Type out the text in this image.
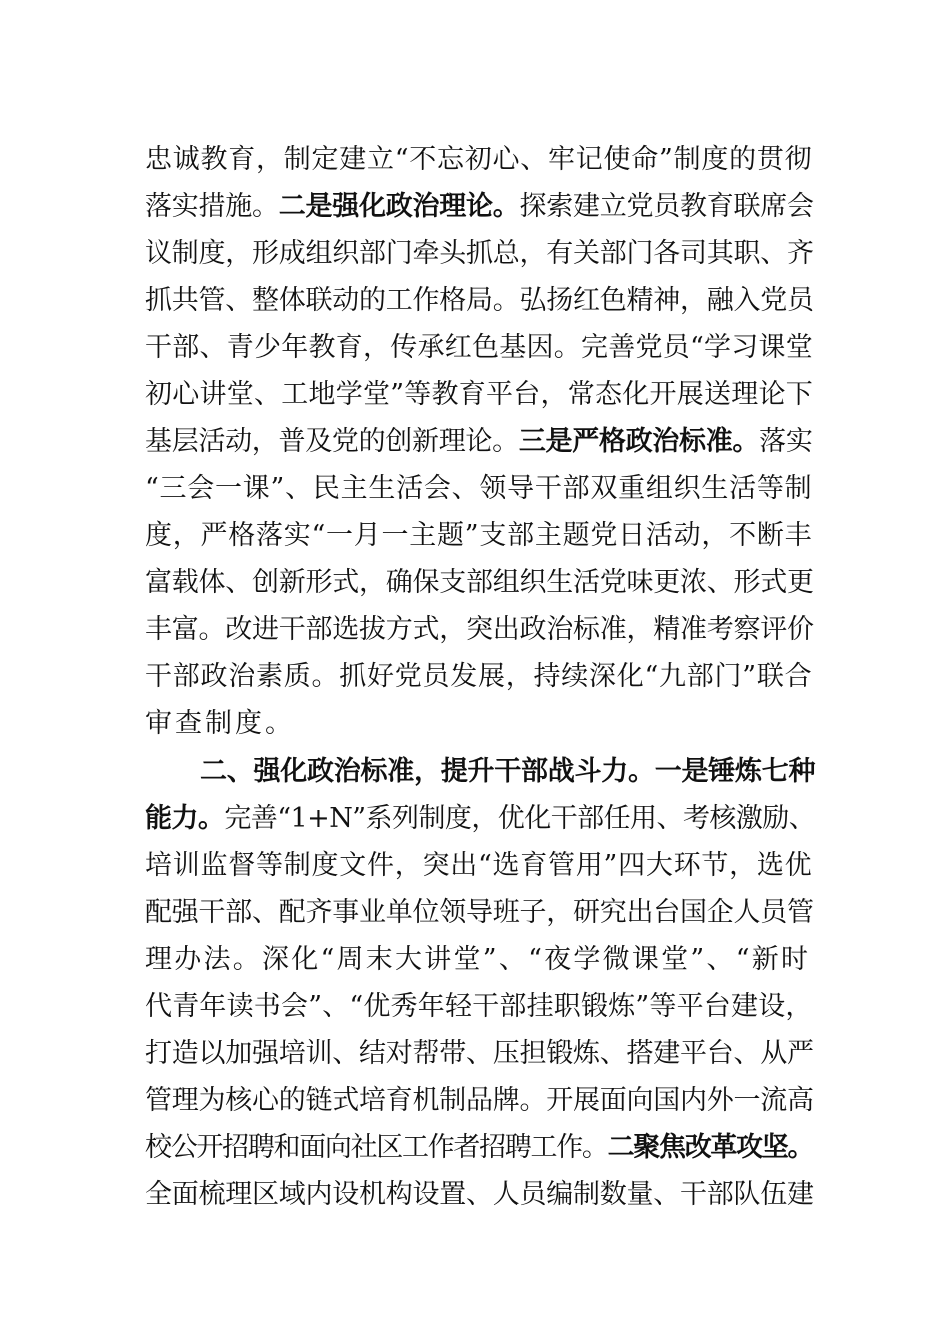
忠诚教育，制定建立“不忘初心、牢记使命”制度的贯彻
落实措施。二是强化政治理论。探索建立党员教育联席会
议制度，形成组织部门牵头抓总，有关部门各司其职、齐
抓共管、整体联动的工作格局。弘扬红色精神，融入党员
干部、青少年教育，传承红色基因。完善党员“学习课堂
初心讲堂、工地学堂”等教育平台，常态化开展送理论下
基层活动，普及党的创新理论。三是严格政治标准。落实
“三会一课”、民主生活会、领导干部双重组织生活等制
度，严格落实“一月一主题”支部主题党日活动，不断丰
富载体、创新形式，确保支部组织生活党味更浓、形式更
丰富。改进干部选拔方式，突出政治标准，精准考察评价
干部政治素质。抓好党员发展，持续深化“九部门”联合
审查制度。
二、强化政治标准，提升干部战斗力。一是锤炼七种
能力。完善“1+N”系列制度，优化干部任用、考核激励、
培训监督等制度文件，突出“选育管用”四大环节，选优
配强干部、配齐事业单位领导班子，研究出台国企人员管
理办法。深化“周末大讲堂”、“夜学微课堂”、“新时
代青年读书会”、“优秀年轻干部挂职锻炼”等平台建设，
打造以加强培训、结对帮带、压担锻炼、搭建平台、从严
管理为核心的链式培育机制品牌。开展面向国内外一流高
校公开招聘和面向社区工作者招聘工作。二聚焦改革攻坚。
全面梳理区域内设机构设置、人员编制数量、干部队伍建
